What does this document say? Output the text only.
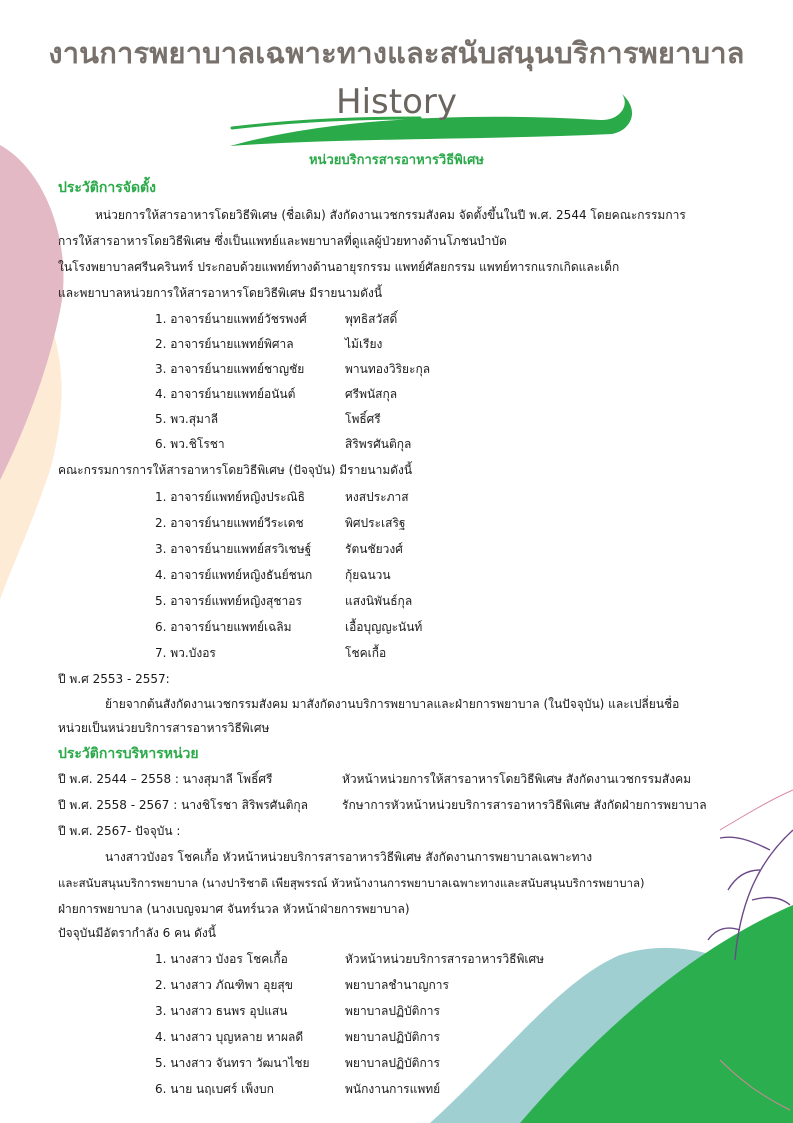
งานการพยาบาลเฉพาะทางและสนับสนุนบริการพยาบาล
History
หน่วยบริการสารอาหารวิธีพิเศษ
ประวัติการจัดตั้ง
หน่วยการให้สารอาหารโดยวิธีพิเศษ (ชื่อเดิม) สังกัดงานเวชกรรมสังคม จัดตั้งขึ้นในปี พ.ศ. 2544 โดยคณะกรรมการ
การให้สารอาหารโดยวิธีพิเศษ ซึ่งเป็นแพทย์และพยาบาลที่ดูแลผู้ป่วยทางด้านโภชนบำบัด
ในโรงพยาบาลศรีนครินทร์ ประกอบด้วยแพทย์ทางด้านอายุรกรรม แพทย์ศัลยกรรม แพทย์ทารกแรกเกิดและเด็ก
และพยาบาลหน่วยการให้สารอาหารโดยวิธีพิเศษ มีรายนามดังนี้
1. อาจารย์นายแพทย์วัชรพงศ์	พุทธิสวัสดิ์
2. อาจารย์นายแพทย์พิศาล	ไม้เรียง
3. อาจารย์นายแพทย์ชาญชัย	พานทองวิริยะกุล
4. อาจารย์นายแพทย์อนันต์	ศรีพนัสกุล
5. พว.สุมาลี	โพธิ์ศรี
6. พว.ชิโรชา	สิริพรศันติกุล
คณะกรรมการการให้สารอาหารโดยวิธีพิเศษ (ปัจจุบัน) มีรายนามดังนี้
1. อาจารย์แพทย์หญิงประณิธิ	หงสประภาส
2. อาจารย์นายแพทย์วีระเดช	พิศประเสริฐ
3. อาจารย์นายแพทย์สรวิเชษฐ์	รัตนชัยวงศ์
4. อาจารย์แพทย์หญิงธันย์ชนก	กุ้ยฉนวน
5. อาจารย์แพทย์หญิงสุชาอร	แสงนิพันธ์กุล
6. อาจารย์นายแพทย์เฉลิม	เอื้อบุญญะนันท์
7. พว.บังอร	โชคเกื้อ
ปี พ.ศ 2553 - 2557:
ย้ายจากต้นสังกัดงานเวชกรรมสังคม มาสังกัดงานบริการพยาบาลและฝ่ายการพยาบาล (ในปัจจุบัน) และเปลี่ยนชื่อ
หน่วยเป็นหน่วยบริการสารอาหารวิธีพิเศษ
ประวัติการบริหารหน่วย
ปี พ.ศ. 2544 – 2558 : นางสุมาลี โพธิ์ศรี	หัวหน้าหน่วยการให้สารอาหารโดยวิธีพิเศษ สังกัดงานเวชกรรมสังคม
ปี พ.ศ. 2558 - 2567 : นางชิโรชา สิริพรศันติกุล	รักษาการหัวหน้าหน่วยบริการสารอาหารวิธีพิเศษ สังกัดฝ่ายการพยาบาล
ปี พ.ศ. 2567- ปัจจุบัน :
นางสาวบังอร โชคเกื้อ หัวหน้าหน่วยบริการสารอาหารวิธีพิเศษ สังกัดงานการพยาบาลเฉพาะทาง
และสนับสนุนบริการพยาบาล (นางปาริชาติ เพียสุพรรณ์ หัวหน้างานการพยาบาลเฉพาะทางและสนับสนุนบริการพยาบาล)
ฝ่ายการพยาบาล (นางเบญจมาศ จันทร์นวล หัวหน้าฝ่ายการพยาบาล)
ปัจจุบันมีอัตรากำลัง 6 คน ดังนี้
1. นางสาว บังอร โชคเกื้อ	หัวหน้าหน่วยบริการสารอาหารวิธีพิเศษ
2. นางสาว ภัณฑิพา อุยสุข	พยาบาลชำนาญการ
3. นางสาว ธนพร อุปแสน	พยาบาลปฏิบัติการ
4. นางสาว บุญหลาย หาผลดี	พยาบาลปฏิบัติการ
5. นางสาว จันทรา วัฒนาไชย	พยาบาลปฏิบัติการ
6. นาย นฤเบศร์ เพ็งบก	พนักงานการแพทย์
